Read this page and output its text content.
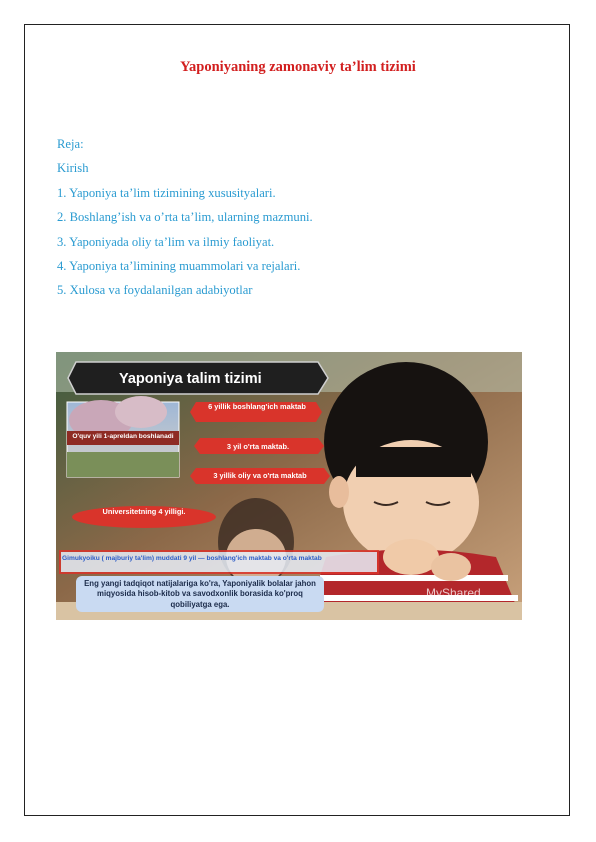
Yaponiyaning zamonaviy ta’lim tizimi
Reja:
Kirish
1. Yaponiya ta’lim tizimining xususityalari.
2. Boshlang’ish va o’rta ta’lim, ularning mazmuni.
3. Yaponiyada oliy ta’lim va ilmiy faoliyat.
4. Yaponiya ta’limining muammolari va rejalari.
5. Xulosa va foydalanilgan adabiyotlar
Yaponiya talim tizimi
O'quv yili 1-apreldan boshlanadi
6 yillik boshlang'ich maktab
3 yil o'rta maktab.
3 yillik oliy va o'rta maktab
Universitetning 4 yilligi.
Gimukyoiku ( majburiy ta'lim) muddati 9 yil — boshlang'ich maktab va o'rta maktab
Eng yangi tadqiqot natijalariga ko'ra, Yaponiyalik bolalar jahon miqyosida hisob-kitob va savodxonlik borasida ko'proq qobiliyatga ega.
MyShared
